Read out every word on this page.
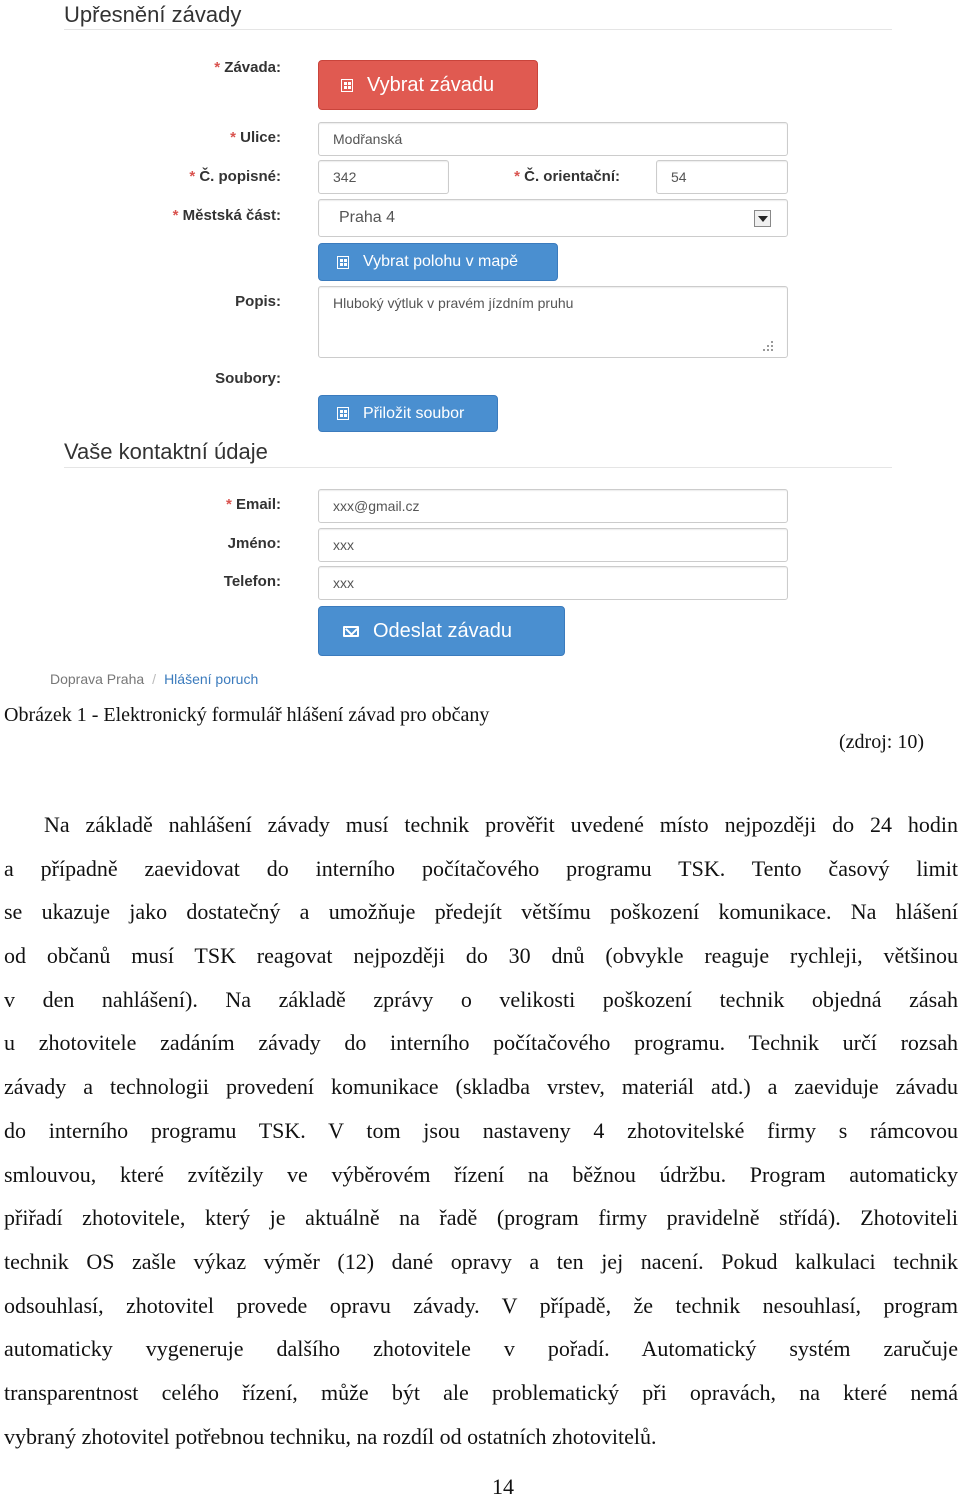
Upřesnění závady
* Závada:
Vybrat závadu
* Ulice:	Modřanská
* Č. popisné:	342	* Č. orientační:	54
* Městská část:	Praha 4
Vybrat polohu v mapě
Popis:	Hluboký výtluk v pravém jízdním pruhu
Soubory:
Přiložit soubor
Vaše kontaktní údaje
* Email:	xxx@gmail.cz
Jméno:	xxx
Telefon:	xxx
Odeslat závadu
Doprava Praha / Hlášení poruch
Obrázek 1 - Elektronický formulář hlášení závad pro občany
(zdroj: 10)
Na základě nahlášení závady musí technik prověřit uvedené místo nejpozději do 24 hodin
a případně zaevidovat do interního počítačového programu TSK. Tento časový limit
se ukazuje jako dostatečný a umožňuje předejít většímu poškození komunikace. Na hlášení
od občanů musí TSK reagovat nejpozději do 30 dnů (obvykle reaguje rychleji, většinou
v den nahlášení). Na základě zprávy o velikosti poškození technik objedná zásah
u zhotovitele zadáním závady do interního počítačového programu. Technik určí rozsah
závady a technologii provedení komunikace (skladba vrstev, materiál atd.) a zaeviduje závadu
do interního programu TSK. V tom jsou nastaveny 4 zhotovitelské firmy s rámcovou
smlouvou, které zvítězily ve výběrovém řízení na běžnou údržbu. Program automaticky
přiřadí zhotovitele, který je aktuálně na řadě (program firmy pravidelně střídá). Zhotoviteli
technik OS zašle výkaz výměr (12) dané opravy a ten jej nacení. Pokud kalkulaci technik
odsouhlasí, zhotovitel provede opravu závady. V případě, že technik nesouhlasí, program
automaticky vygeneruje dalšího zhotovitele v pořadí. Automatický systém zaručuje
transparentnost celého řízení, může být ale problematický při opravách, na které nemá
vybraný zhotovitel potřebnou techniku, na rozdíl od ostatních zhotovitelů.
14
